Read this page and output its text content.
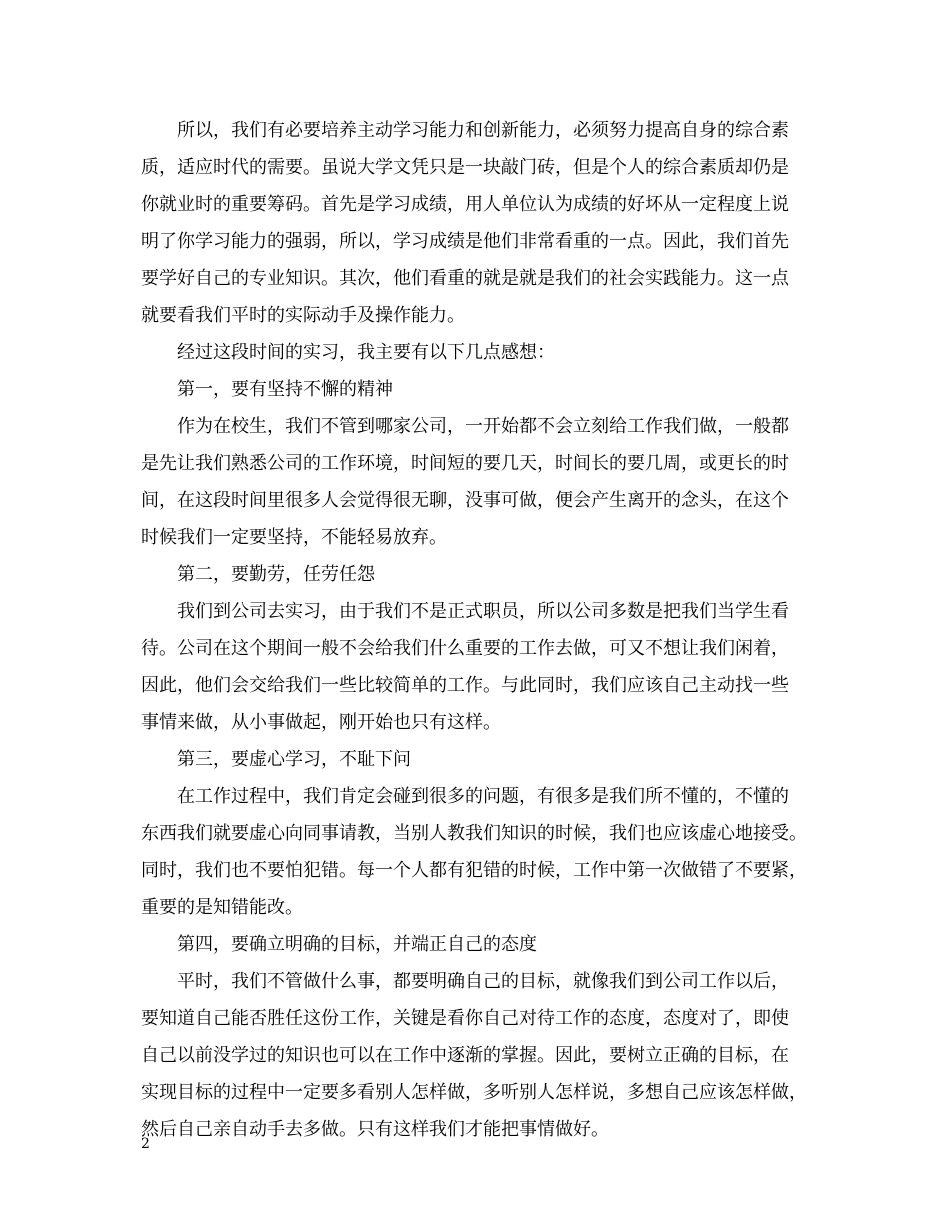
所以，我们有必要培养主动学习能力和创新能力，必须努力提高自身的综合素
质，适应时代的需要。虽说大学文凭只是一块敲门砖，但是个人的综合素质却仍是
你就业时的重要筹码。首先是学习成绩，用人单位认为成绩的好坏从一定程度上说
明了你学习能力的强弱，所以，学习成绩是他们非常看重的一点。因此，我们首先
要学好自己的专业知识。其次，他们看重的就是就是我们的社会实践能力。这一点
就要看我们平时的实际动手及操作能力。

经过这段时间的实习，我主要有以下几点感想：

第一，要有坚持不懈的精神

作为在校生，我们不管到哪家公司，一开始都不会立刻给工作我们做，一般都
是先让我们熟悉公司的工作环境，时间短的要几天，时间长的要几周，或更长的时
间，在这段时间里很多人会觉得很无聊，没事可做，便会产生离开的念头，在这个
时候我们一定要坚持，不能轻易放弃。

第二，要勤劳，任劳任怨

我们到公司去实习，由于我们不是正式职员，所以公司多数是把我们当学生看
待。公司在这个期间一般不会给我们什么重要的工作去做，可又不想让我们闲着，
因此，他们会交给我们一些比较简单的工作。与此同时，我们应该自己主动找一些
事情来做，从小事做起，刚开始也只有这样。

第三，要虚心学习，不耻下问

在工作过程中，我们肯定会碰到很多的问题，有很多是我们所不懂的，不懂的
东西我们就要虚心向同事请教，当别人教我们知识的时候，我们也应该虚心地接受。
同时，我们也不要怕犯错。每一个人都有犯错的时候，工作中第一次做错了不要紧，
重要的是知错能改。

第四，要确立明确的目标，并端正自己的态度

平时，我们不管做什么事，都要明确自己的目标，就像我们到公司工作以后，
要知道自己能否胜任这份工作，关键是看你自己对待工作的态度，态度对了，即使
自己以前没学过的知识也可以在工作中逐渐的掌握。因此，要树立正确的目标，在
实现目标的过程中一定要多看别人怎样做，多听别人怎样说，多想自己应该怎样做，
然后自己亲自动手去多做。只有这样我们才能把事情做好。

2
